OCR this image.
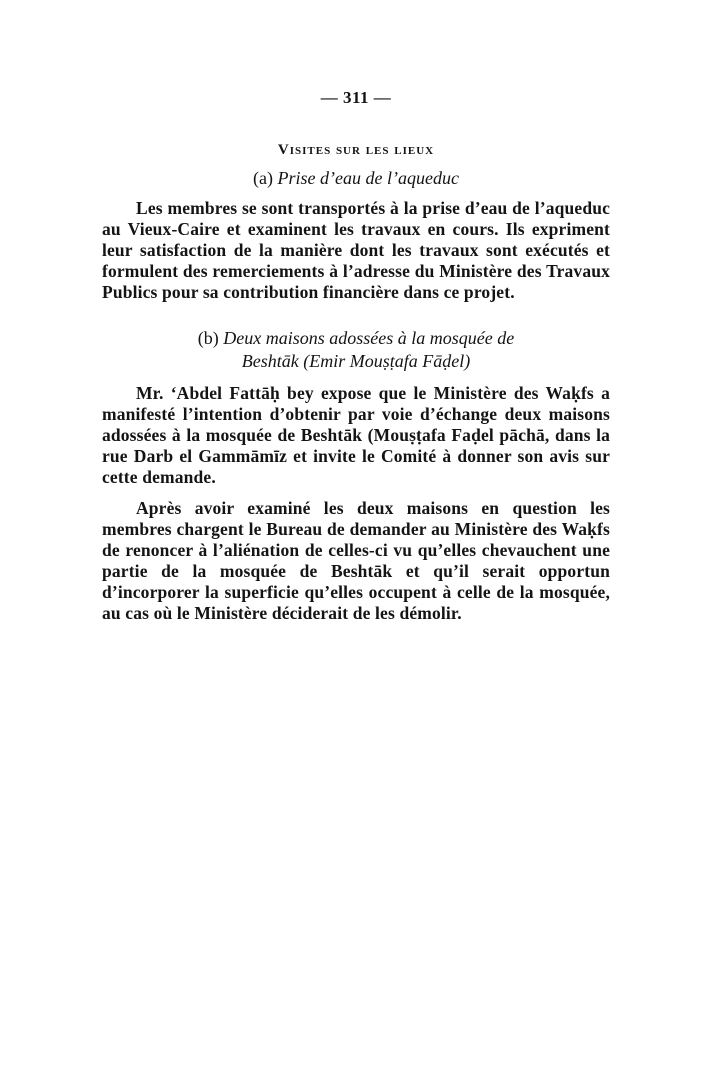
— 311 —
Visites sur les lieux
(a) Prise d’eau de l’aqueduc

Les membres se sont transportés à la prise d’eau de l’aqueduc au Vieux-Caire et examinent les travaux en cours. Ils expriment leur satisfaction de la manière dont les travaux sont exécutés et formulent des remerciements à l’adresse du Ministère des Travaux Publics pour sa contribution financière dans ce projet.

(b) Deux maisons adossées à la mosquée de
Beshtāk (Emir Mouṣṭafa Fāḍel)

Mr. ‘Abdel Fattāḥ bey expose que le Ministère des Waḳfs a manifesté l’intention d’obtenir par voie d’échange deux maisons adossées à la mosquée de Beshtāk (Mouṣṭafa Faḍel pāchā, dans la rue Darb el Gammāmīz et invite le Comité à donner son avis sur cette demande.

Après avoir examiné les deux maisons en question les membres chargent le Bureau de demander au Ministère des Waḳfs de renoncer à l’aliénation de celles-ci vu qu’elles chevauchent une partie de la mosquée de Beshtāk et qu’il serait opportun d’incorporer la superficie qu’elles occupent à celle de la mosquée, au cas où le Ministère déciderait de les démolir.
